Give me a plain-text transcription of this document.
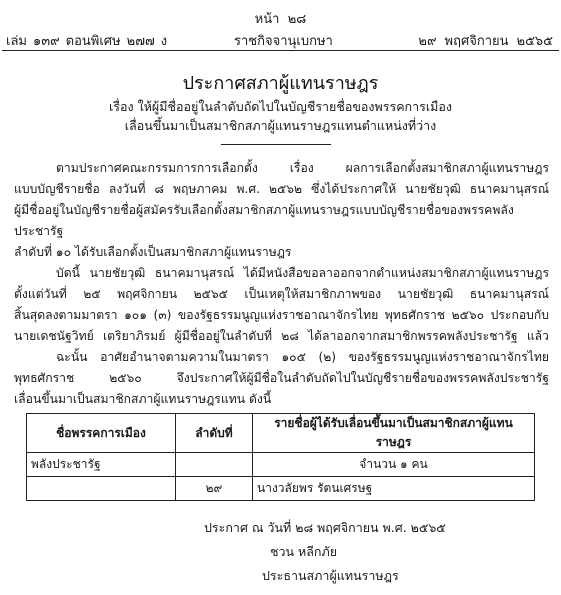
หน้า ๒๘
เล่ม ๑๓๙ ตอนพิเศษ ๒๗๗ ง	ราชกิจจานุเบกษา	๒๙ พฤศจิกายน ๒๕๖๕
ประกาศสภาผู้แทนราษฎร
เรื่อง ให้ผู้มีชื่ออยู่ในลำดับถัดไปในบัญชีรายชื่อของพรรคการเมือง
เลื่อนขึ้นมาเป็นสมาชิกสภาผู้แทนราษฎรแทนตำแหน่งที่ว่าง

ตามประกาศคณะกรรมการการเลือกตั้ง เรื่อง ผลการเลือกตั้งสมาชิกสภาผู้แทนราษฎร

แบบบัญชีรายชื่อ ลงวันที่ ๘ พฤษภาคม พ.ศ. ๒๕๖๒ ซึ่งได้ประกาศให้ นายชัยวุฒิ ธนาคมานุสรณ์

ผู้มีชื่ออยู่ในบัญชีรายชื่อผู้สมัครรับเลือกตั้งสมาชิกสภาผู้แทนราษฎรแบบบัญชีรายชื่อของพรรคพลังประชารัฐ

ลำดับที่ ๑๐ ได้รับเลือกตั้งเป็นสมาชิกสภาผู้แทนราษฎร

บัดนี้ นายชัยวุฒิ ธนาคมานุสรณ์ ได้มีหนังสือขอลาออกจากตำแหน่งสมาชิกสภาผู้แทนราษฎร

ตั้งแต่วันที่ ๒๕ พฤศจิกายน ๒๕๖๕ เป็นเหตุให้สมาชิกภาพของ นายชัยวุฒิ ธนาคมานุสรณ์

สิ้นสุดลงตามมาตรา ๑๐๑ (๓) ของรัฐธรรมนูญแห่งราชอาณาจักรไทย พุทธศักราช ๒๕๖๐ ประกอบกับ

นายเดชนัฐวิทย์ เตริยาภิรมย์ ผู้มีชื่ออยู่ในลำดับที่ ๒๘ ได้ลาออกจากสมาชิกพรรคพลังประชารัฐ แล้ว

ฉะนั้น อาศัยอำนาจตามความในมาตรา ๑๐๕ (๒) ของรัฐธรรมนูญแห่งราชอาณาจักรไทย

พุทธศักราช ๒๕๖๐ จึงประกาศให้ผู้มีชื่อในลำดับถัดไปในบัญชีรายชื่อของพรรคพลังประชารัฐ

เลื่อนขึ้นมาเป็นสมาชิกสภาผู้แทนราษฎรแทน ดังนี้

ชื่อพรรคการเมือง	ลำดับที่	รายชื่อผู้ได้รับเลื่อนขึ้นมาเป็นสมาชิกสภาผู้แทนราษฎร
พลังประชารัฐ		จำนวน ๑ คน
	๒๙	นางวลัยพร รัตนเศรษฐ
ประกาศ ณ วันที่ ๒๘ พฤศจิกายน พ.ศ. ๒๕๖๕
ชวน หลีกภัย
ประธานสภาผู้แทนราษฎร
